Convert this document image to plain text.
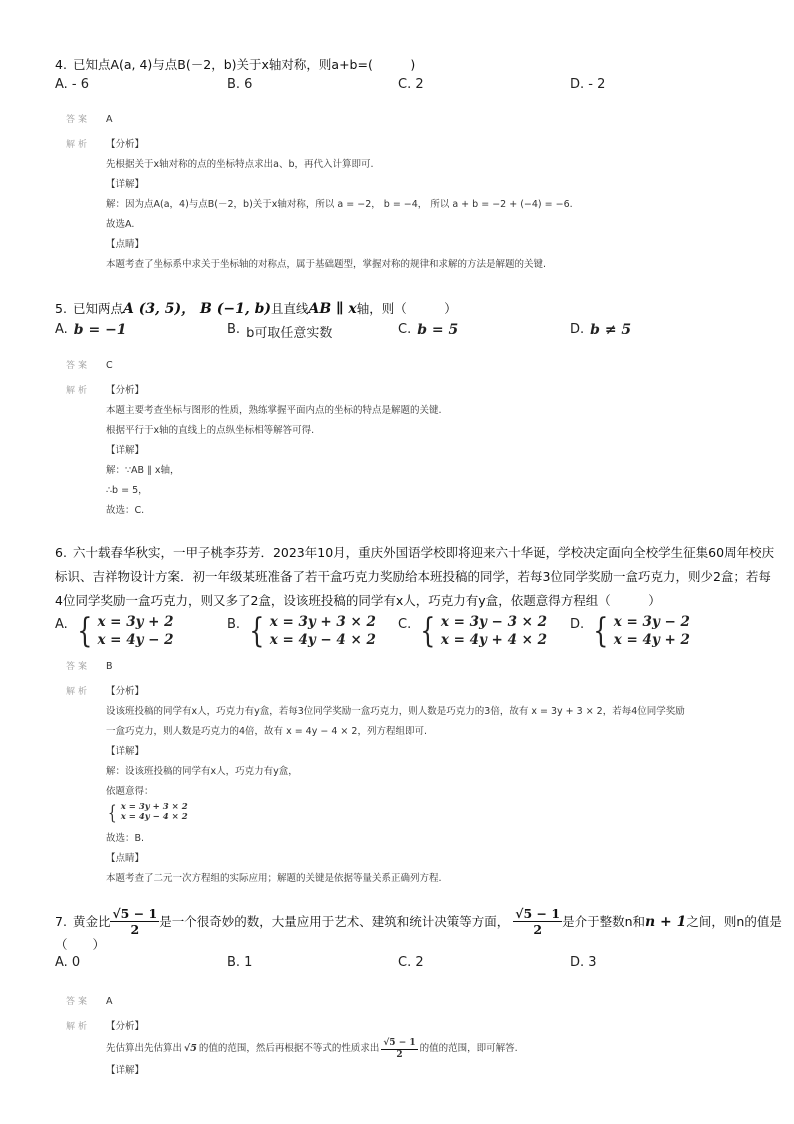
4. 已知点A(a, 4)与点B(－2，b)关于x轴对称，则a+b=(　　　)
A. - 6	B. 6	C. 2	D. - 2
答案 A
解析 【分析】
先根据关于x轴对称的点的坐标特点求出a、b，再代入计算即可.
【详解】
解：因为点A(a，4)与点B(－2，b)关于x轴对称，所以 a = −2， b = −4， 所以 a + b = −2 + (−4) = −6.
故选A.
【点睛】
本题考查了坐标系中求关于坐标轴的对称点，属于基础题型，掌握对称的规律和求解的方法是解题的关键.
5. 已知两点A (3, 5)， B (−1, b)且直线AB ∥ x轴，则（　　　）
A. b = −1	B. b可取任意实数	C. b = 5	D. b ≠ 5
答案 C
解析 【分析】
本题主要考查坐标与图形的性质，熟练掌握平面内点的坐标的特点是解题的关键.
根据平行于x轴的直线上的点纵坐标相等解答可得.
【详解】
解：∵AB ∥ x轴，
∴b = 5，
故选：C.
6. 六十载春华秋实，一甲子桃李芬芳．2023年10月，重庆外国语学校即将迎来六十华诞，学校决定面向全校学生征集60周年校庆
标识、吉祥物设计方案．初一年级某班准备了若干盒巧克力奖励给本班投稿的同学，若每3位同学奖励一盒巧克力，则少2盒；若每
4位同学奖励一盒巧克力，则又多了2盒，设该班投稿的同学有x人，巧克力有y盒，依题意得方程组（　　　）
A. { x = 3y + 2
x = 4y − 2
B. { x = 3y + 3 × 2
x = 4y − 4 × 2
C. { x = 3y − 3 × 2
x = 4y + 4 × 2
D. { x = 3y − 2
x = 4y + 2
答案 B
解析 【分析】
设该班投稿的同学有x人，巧克力有y盒，若每3位同学奖励一盒巧克力，则人数是巧克力的3倍，故有 x = 3y + 3 × 2，若每4位同学奖励
一盒巧克力，则人数是巧克力的4倍，故有 x = 4y − 4 × 2，列方程组即可.
【详解】
解：设该班投稿的同学有x人，巧克力有y盒，
依题意得：
{ x = 3y + 3 × 2
x = 4y − 4 × 2
故选：B.
【点睛】
本题考查了二元一次方程组的实际应用；解题的关键是依据等量关系正确列方程.
7. 黄金比 $\frac{√5 - 1}{2}$ 是一个很奇妙的数，大量应用于艺术、建筑和统计决策等方面， $\frac{√5 - 1}{2}$ 是介于整数n和 n + 1 之间，则n的值是
（　　）
A. 0	B. 1	C. 2	D. 3
答案 A
解析 【分析】
先估算出先估算出 √5 的值的范围，然后再根据不等式的性质求出 $\frac{√5 - 1}{2}$ 的值的范围，即可解答.
【详解】
